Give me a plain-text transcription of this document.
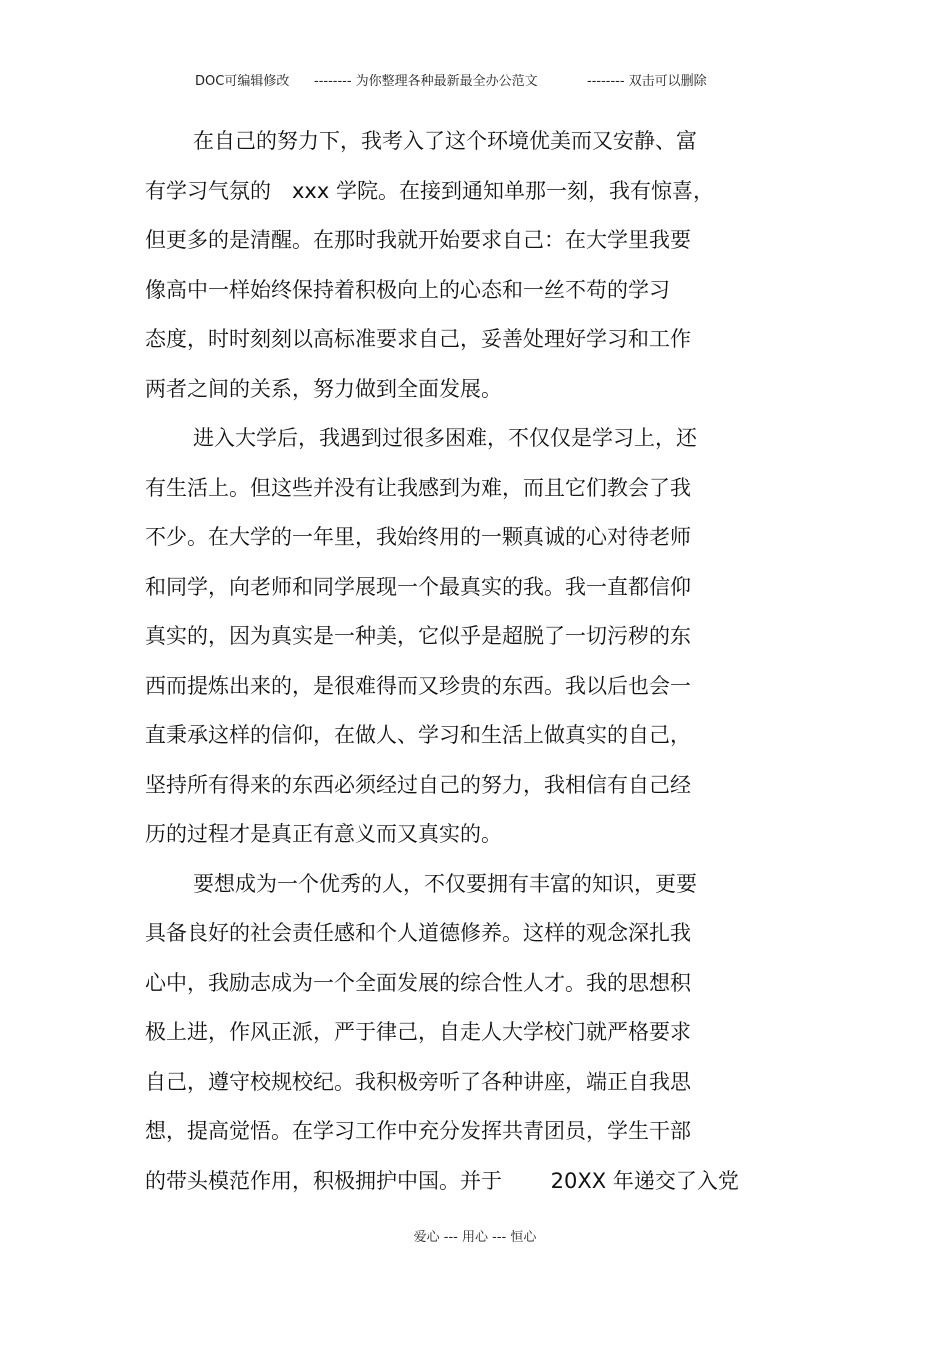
DOC可编辑修改 -------- 为你整理各种最新最全办公范文	-------- 双击可以删除
在自己的努力下，我考入了这个环境优美而又安静、富
有学习气氛的　xxx 学院。在接到通知单那一刻，我有惊喜，
但更多的是清醒。在那时我就开始要求自己：在大学里我要
像高中一样始终保持着积极向上的心态和一丝不苟的学习
态度，时时刻刻以高标准要求自己，妥善处理好学习和工作
两者之间的关系，努力做到全面发展。
进入大学后，我遇到过很多困难，不仅仅是学习上，还
有生活上。但这些并没有让我感到为难，而且它们教会了我
不少。在大学的一年里，我始终用的一颗真诚的心对待老师
和同学，向老师和同学展现一个最真实的我。我一直都信仰
真实的，因为真实是一种美，它似乎是超脱了一切污秽的东
西而提炼出来的，是很难得而又珍贵的东西。我以后也会一
直秉承这样的信仰，在做人、学习和生活上做真实的自己，
坚持所有得来的东西必须经过自己的努力，我相信有自己经
历的过程才是真正有意义而又真实的。
要想成为一个优秀的人，不仅要拥有丰富的知识，更要
具备良好的社会责任感和个人道德修养。这样的观念深扎我
心中，我励志成为一个全面发展的综合性人才。我的思想积
极上进，作风正派，严于律己，自走人大学校门就严格要求
自己，遵守校规校纪。我积极旁听了各种讲座，端正自我思
想，提高觉悟。在学习工作中充分发挥共青团员，学生干部
的带头模范作用，积极拥护中国。并于　　 20XX 年递交了入党
爱心 --- 用心 --- 恒心
